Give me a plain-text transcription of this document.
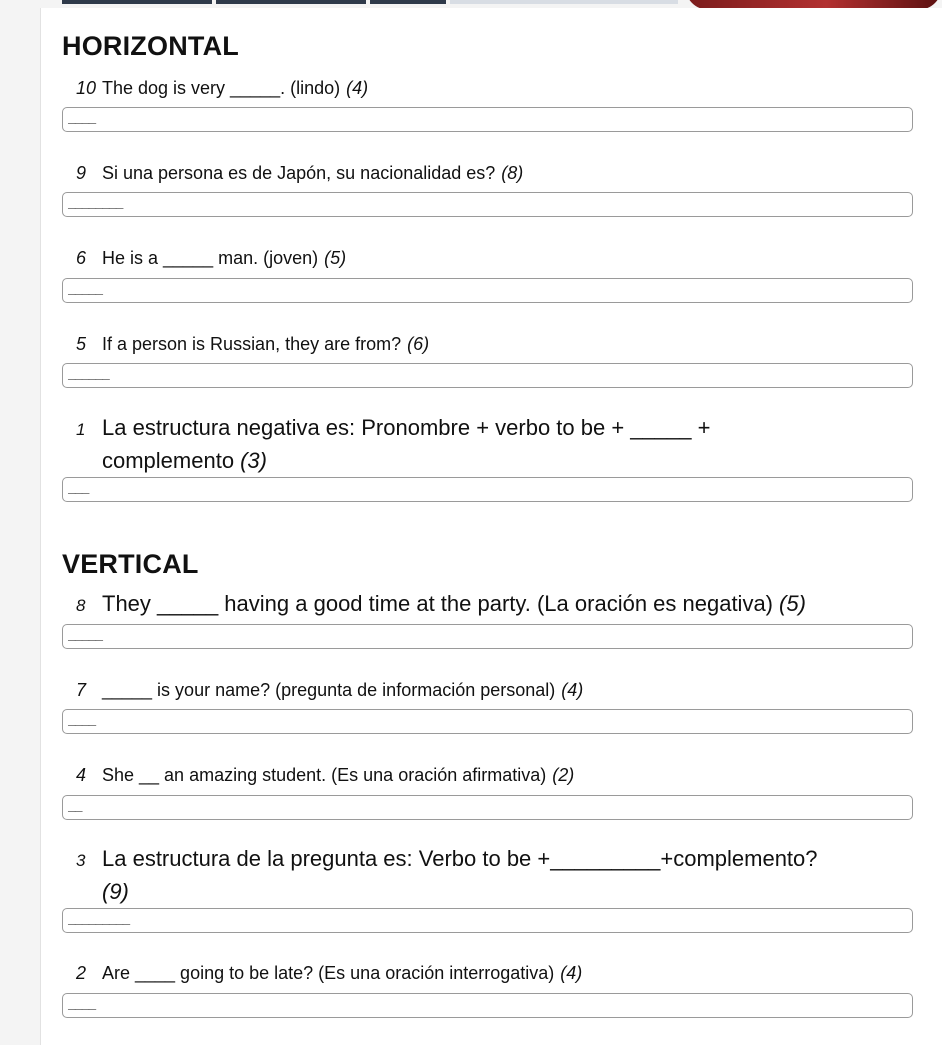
HORIZONTAL
10 The dog is very _____. (lindo) (4)
____
9 Si una persona es de Japón, su nacionalidad es? (8)
________
6 He is a _____ man. (joven) (5)
_____
5 If a person is Russian, they are from? (6)
______
1 La estructura negativa es: Pronombre + verbo to be + _____ +
complemento (3)
___
VERTICAL
8 They _____ having a good time at the party. (La oración es negativa) (5)
_____
7 _____ is your name? (pregunta de información personal) (4)
____
4 She __ an amazing student. (Es una oración afirmativa) (2)
__
3 La estructura de la pregunta es: Verbo to be +_________+complemento?
(9)
_________
2 Are ____ going to be late? (Es una oración interrogativa) (4)
____
